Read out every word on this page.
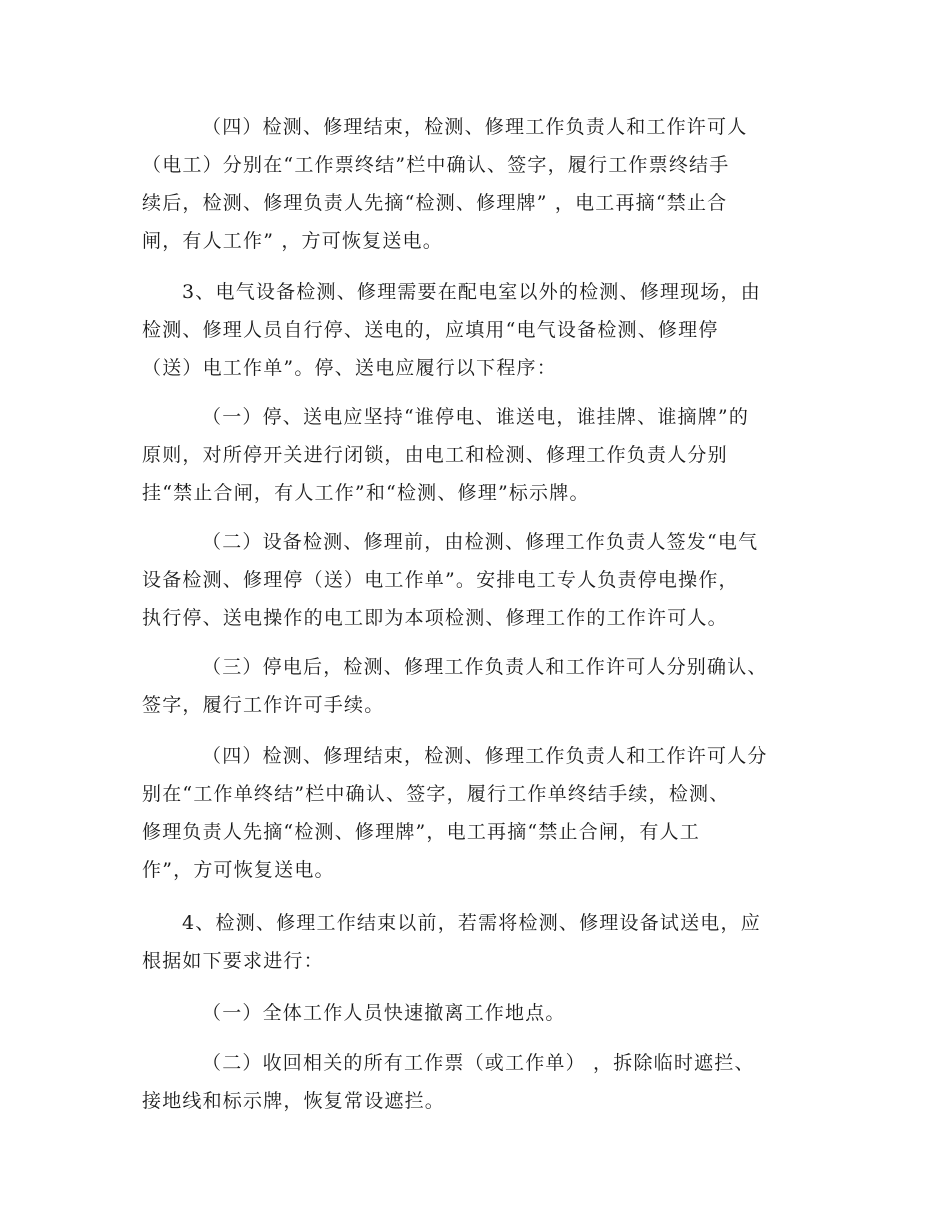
（四）检测、修理结束，检测、修理工作负责人和工作许可人
（电工）分别在“工作票终结”栏中确认、签字，履行工作票终结手
续后，检测、修理负责人先摘“检测、修理牌” ，电工再摘“禁止合
闸，有人工作” ，方可恢复送电。
3、电气设备检测、修理需要在配电室以外的检测、修理现场，由
检测、修理人员自行停、送电的，应填用“电气设备检测、修理停
（送）电工作单”。停、送电应履行以下程序：
（一）停、送电应坚持“谁停电、谁送电，谁挂牌、谁摘牌”的
原则，对所停开关进行闭锁，由电工和检测、修理工作负责人分别
挂“禁止合闸，有人工作”和“检测、修理”标示牌。
（二）设备检测、修理前，由检测、修理工作负责人签发“电气
设备检测、修理停（送）电工作单”。安排电工专人负责停电操作，
执行停、送电操作的电工即为本项检测、修理工作的工作许可人。
（三）停电后，检测、修理工作负责人和工作许可人分别确认、
签字，履行工作许可手续。
（四）检测、修理结束，检测、修理工作负责人和工作许可人分
别在“工作单终结”栏中确认、签字，履行工作单终结手续，检测、
修理负责人先摘“检测、修理牌”，电工再摘“禁止合闸，有人工
作”，方可恢复送电。
4、检测、修理工作结束以前，若需将检测、修理设备试送电，应
根据如下要求进行：
（一）全体工作人员快速撤离工作地点。
（二）收回相关的所有工作票（或工作单） ，拆除临时遮拦、
接地线和标示牌，恢复常设遮拦。
